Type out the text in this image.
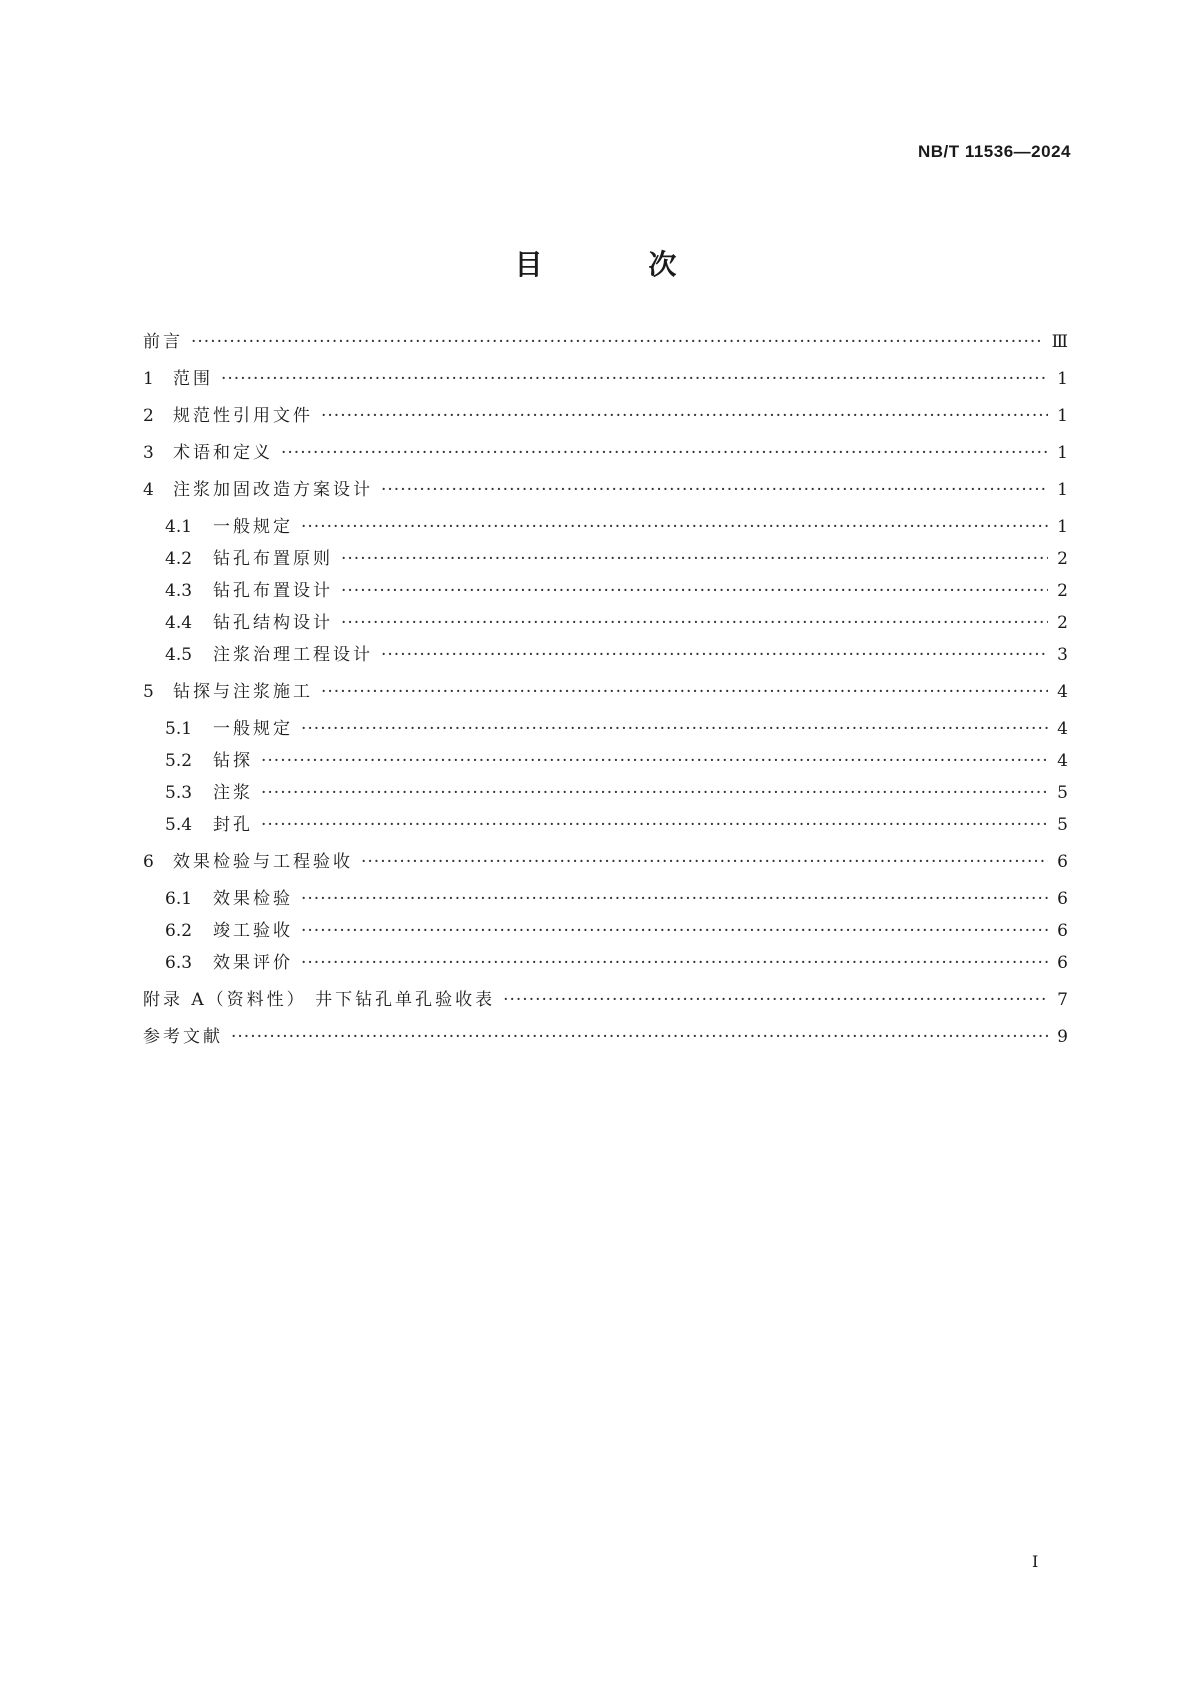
NB/T 11536—2024
目 次
前言 ·····	Ⅲ
1	范围 ·····	1
2	规范性引用文件 ·····	1
3	术语和定义 ·····	1
4	注浆加固改造方案设计 ·····	1
4.1	一般规定 ·····	1
4.2	钻孔布置原则 ·····	2
4.3	钻孔布置设计 ·····	2
4.4	钻孔结构设计 ·····	2
4.5	注浆治理工程设计 ·····	3
5	钻探与注浆施工 ·····	4
5.1	一般规定 ·····	4
5.2	钻探 ·····	4
5.3	注浆 ·····	5
5.4	封孔 ·····	5
6	效果检验与工程验收 ·····	6
6.1	效果检验 ·····	6
6.2	竣工验收 ·····	6
6.3	效果评价 ·····	6
附录 A（资料性） 井下钻孔单孔验收表 ·····	7
参考文献 ·····	9
Ⅰ
